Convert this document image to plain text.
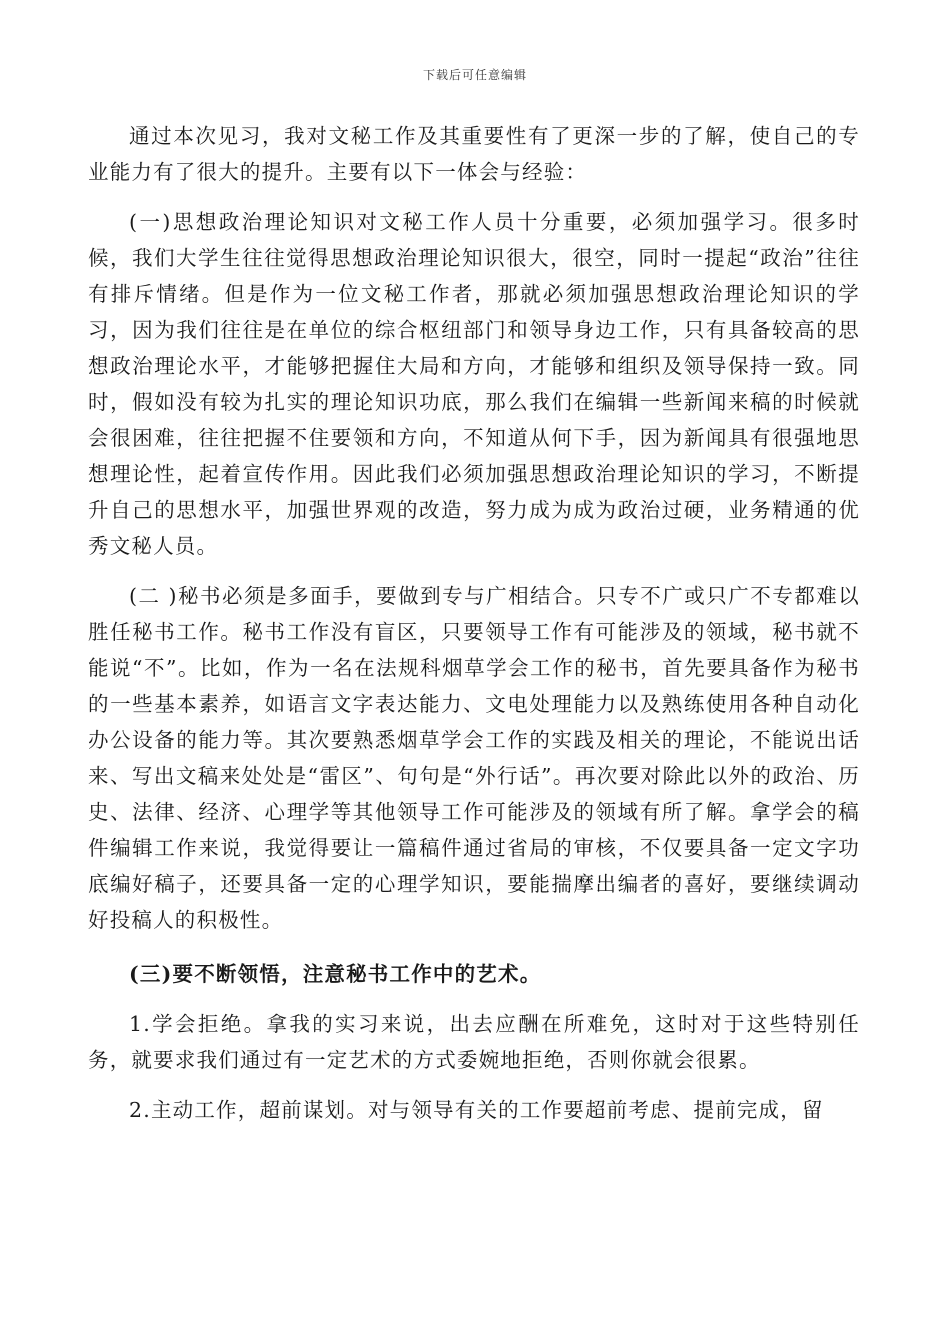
下载后可任意编辑

通过本次见习，我对文秘工作及其重要性有了更深一步的了解，使自己的专业能力有了很大的提升。主要有以下一体会与经验：

(一)思想政治理论知识对文秘工作人员十分重要，必须加强学习。很多时候，我们大学生往往觉得思想政治理论知识很大，很空，同时一提起“政治”往往有排斥情绪。但是作为一位文秘工作者，那就必须加强思想政治理论知识的学习，因为我们往往是在单位的综合枢纽部门和领导身边工作，只有具备较高的思想政治理论水平，才能够把握住大局和方向，才能够和组织及领导保持一致。同时，假如没有较为扎实的理论知识功底，那么我们在编辑一些新闻来稿的时候就会很困难，往往把握不住要领和方向，不知道从何下手，因为新闻具有很强地思想理论性，起着宣传作用。因此我们必须加强思想政治理论知识的学习，不断提升自己的思想水平，加强世界观的改造，努力成为成为政治过硬，业务精通的优秀文秘人员。

(二 )秘书必须是多面手，要做到专与广相结合。只专不广或只广不专都难以胜任秘书工作。秘书工作没有盲区，只要领导工作有可能涉及的领域，秘书就不能说“不”。比如，作为一名在法规科烟草学会工作的秘书，首先要具备作为秘书的一些基本素养，如语言文字表达能力、文电处理能力以及熟练使用各种自动化办公设备的能力等。其次要熟悉烟草学会工作的实践及相关的理论，不能说出话来、写出文稿来处处是“雷区”、句句是“外行话”。再次要对除此以外的政治、历史、法律、经济、心理学等其他领导工作可能涉及的领域有所了解。拿学会的稿件编辑工作来说，我觉得要让一篇稿件通过省局的审核，不仅要具备一定文字功底编好稿子，还要具备一定的心理学知识，要能揣摩出编者的喜好，要继续调动好投稿人的积极性。

(三)要不断领悟，注意秘书工作中的艺术。

1.学会拒绝。拿我的实习来说，出去应酬在所难免，这时对于这些特别任务，就要求我们通过有一定艺术的方式委婉地拒绝，否则你就会很累。

2.主动工作，超前谋划。对与领导有关的工作要超前考虑、提前完成，留
